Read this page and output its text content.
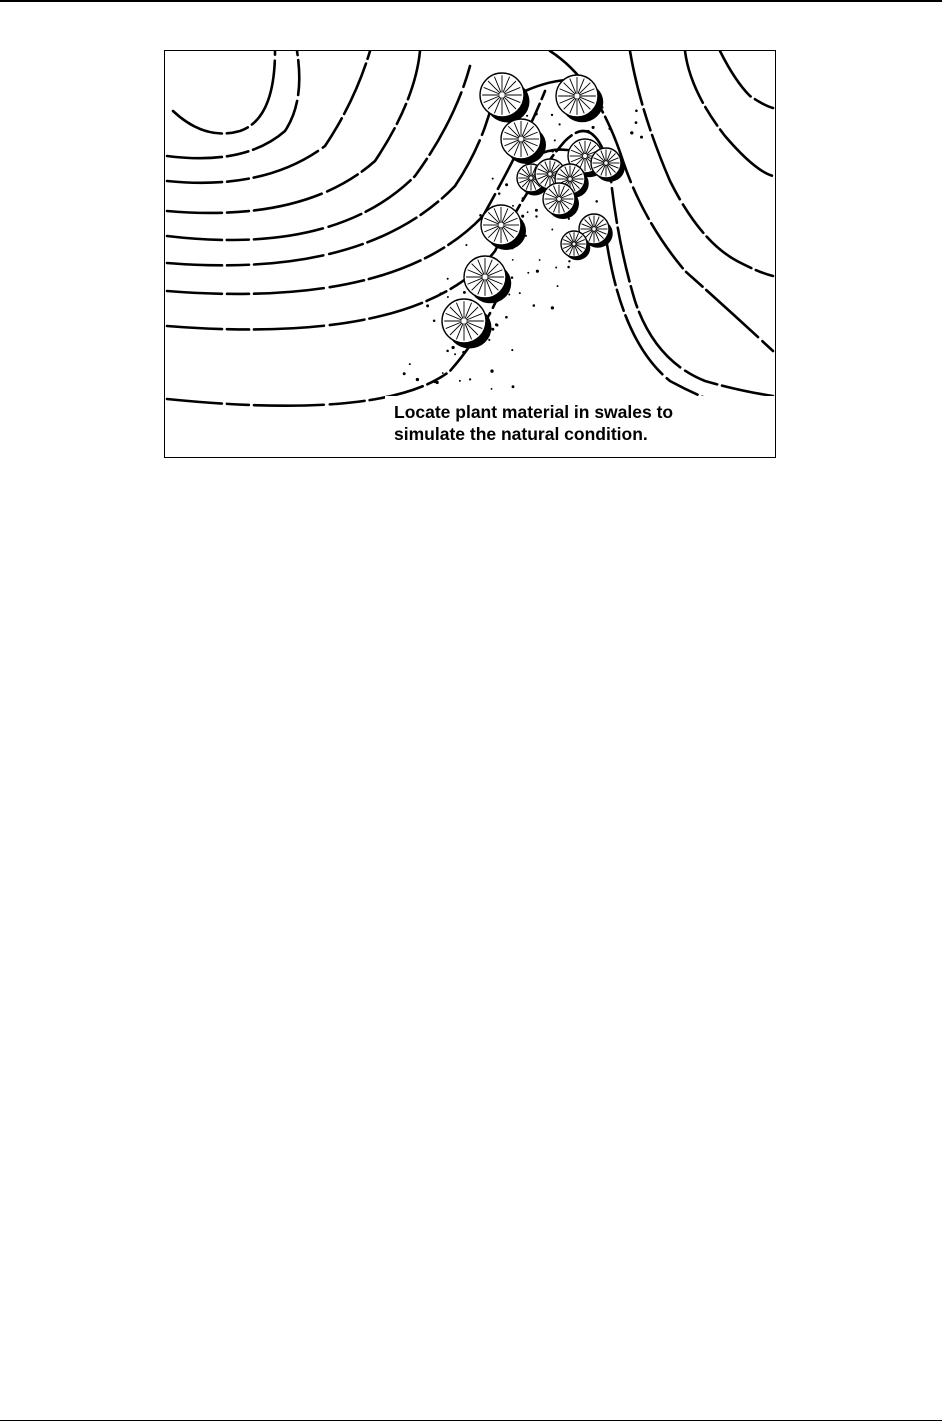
Locate plant material in swales to
simulate the natural condition.
